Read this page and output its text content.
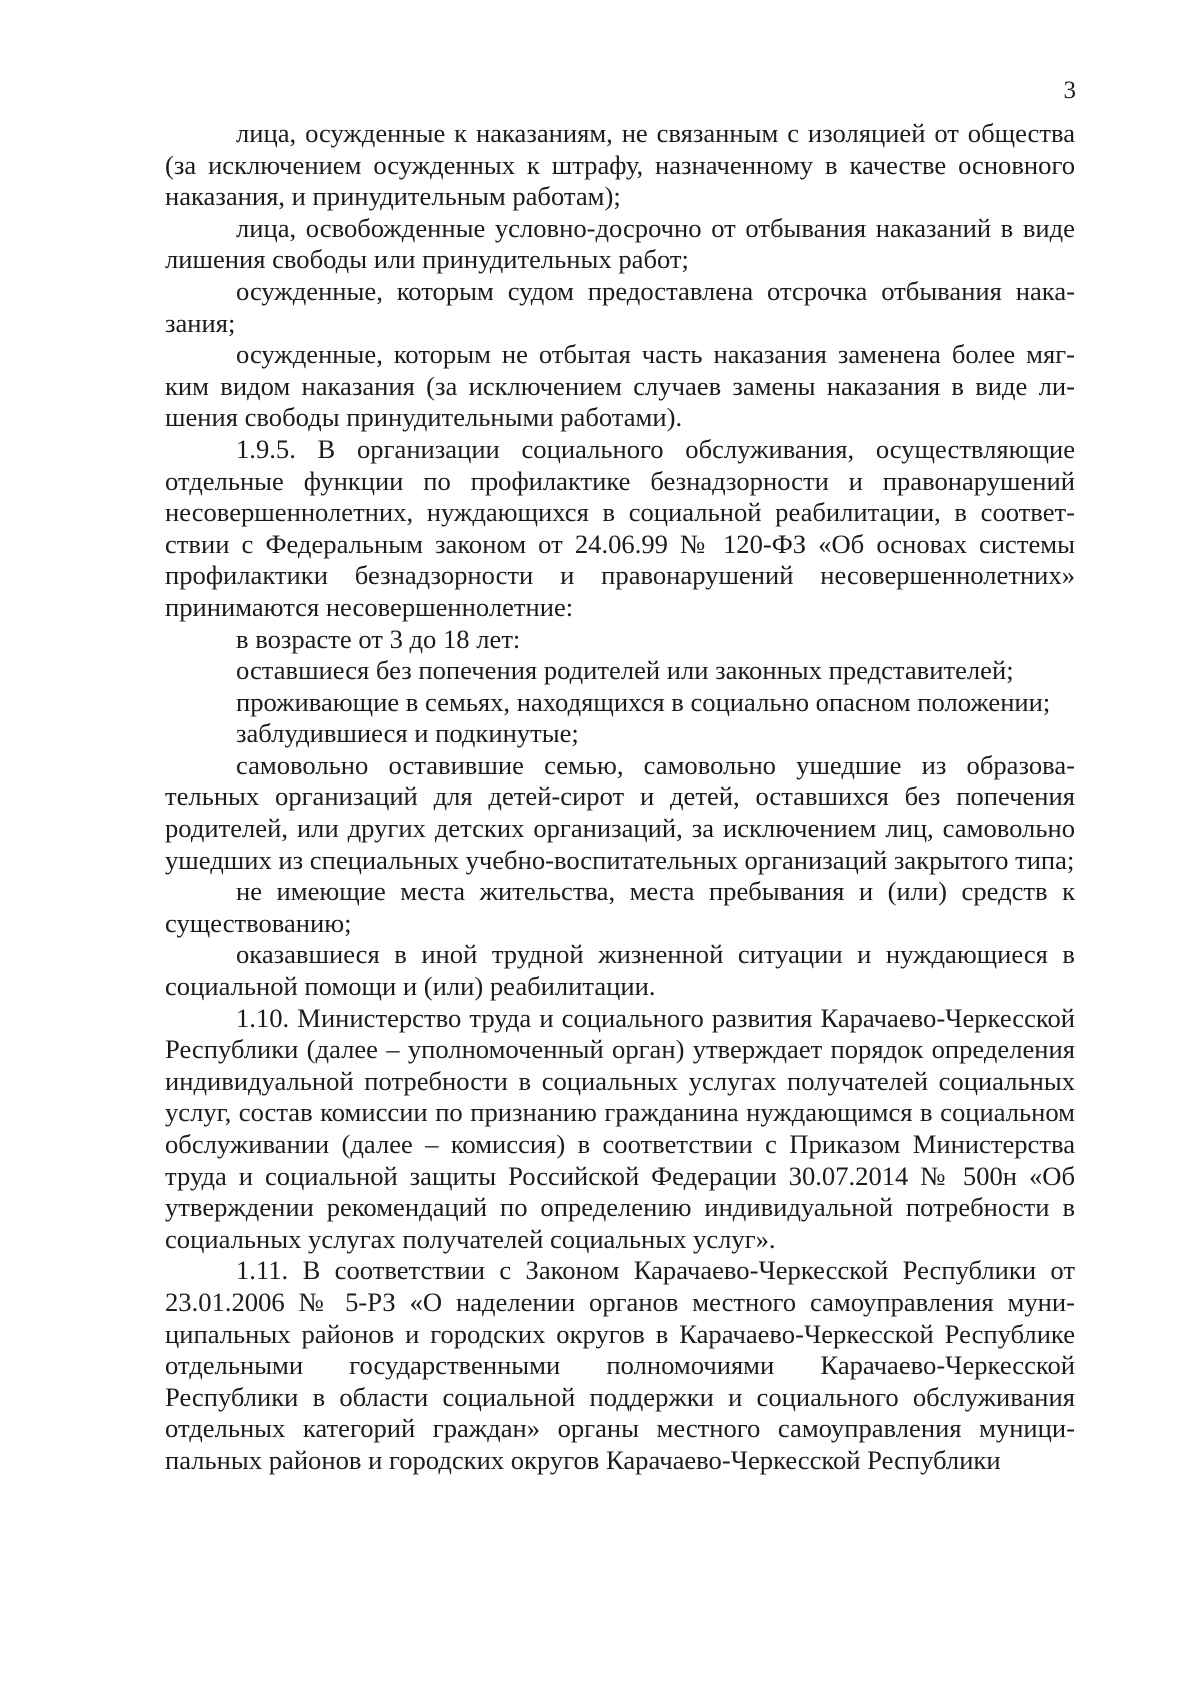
3

лица, осужденные к наказаниям, не связанным с изоляцией от общества (за исключением осужденных к штрафу, назначенному в качестве основного наказания, и принудительным работам);

лица, освобожденные условно-досрочно от отбывания наказаний в виде лишения свободы или принудительных работ;

осужденные, которым судом предоставлена отсрочка отбывания наказания;

осужденные, которым не отбытая часть наказания заменена более мягким видом наказания (за исключением случаев замены наказания в виде лишения свободы принудительными работами).

1.9.5. В организации социального обслуживания, осуществляющие отдельные функции по профилактике безнадзорности и правонарушений несовершеннолетних, нуждающихся в социальной реабилитации, в соответствии с Федеральным законом от 24.06.99 № 120-ФЗ «Об основах системы профилактики безнадзорности и правонарушений несовершеннолетних» принимаются несовершеннолетние:

в возрасте от 3 до 18 лет:

оставшиеся без попечения родителей или законных представителей;

проживающие в семьях, находящихся в социально опасном положении;

заблудившиеся и подкинутые;

самовольно оставившие семью, самовольно ушедшие из образовательных организаций для детей-сирот и детей, оставшихся без попечения родителей, или других детских организаций, за исключением лиц, самовольно ушедших из специальных учебно-воспитательных организаций закрытого типа;

не имеющие места жительства, места пребывания и (или) средств к существованию;

оказавшиеся в иной трудной жизненной ситуации и нуждающиеся в социальной помощи и (или) реабилитации.

1.10. Министерство труда и социального развития Карачаево-Черкесской Республики (далее – уполномоченный орган) утверждает порядок определения индивидуальной потребности в социальных услугах получателей социальных услуг, состав комиссии по признанию гражданина нуждающимся в социальном обслуживании (далее – комиссия) в соответствии с Приказом Министерства труда и социальной защиты Российской Федерации 30.07.2014 № 500н «Об утверждении рекомендаций по определению индивидуальной потребности в социальных услугах получателей социальных услуг».

1.11. В соответствии с Законом Карачаево-Черкесской Республики от 23.01.2006 № 5-РЗ «О наделении органов местного самоуправления муниципальных районов и городских округов в Карачаево-Черкесской Республике отдельными государственными полномочиями Карачаево-Черкесской Республики в области социальной поддержки и социального обслуживания отдельных категорий граждан» органы местного самоуправления муниципальных районов и городских округов Карачаево-Черкесской Республики
